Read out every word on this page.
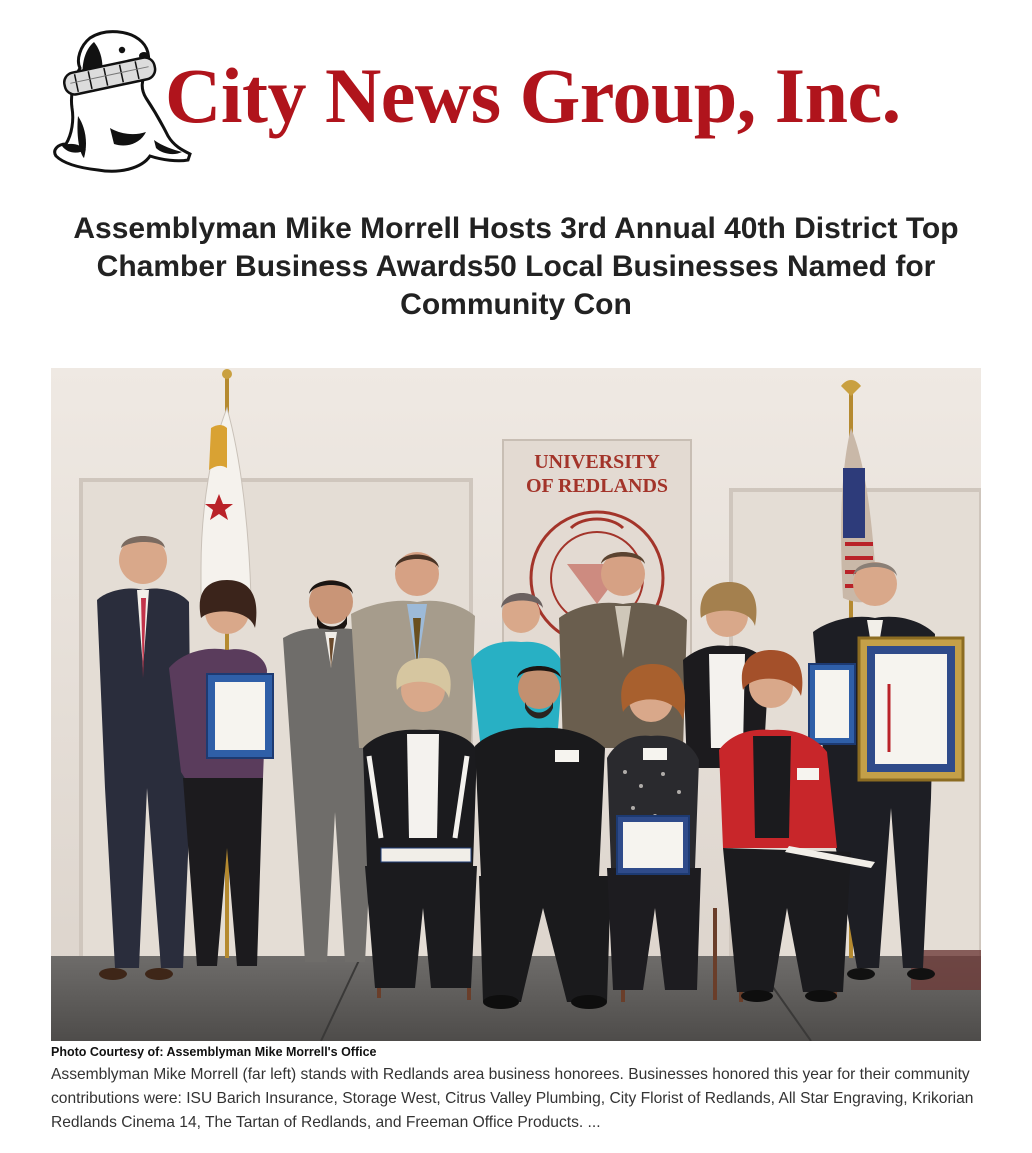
City News Group, Inc.
Assemblyman Mike Morrell Hosts 3rd Annual 40th District Top Chamber Business Awards50 Local Businesses Named for Community Con
UNIVERSITY
OF REDLANDS
Photo Courtesy of: Assemblyman Mike Morrell's Office

Assemblyman Mike Morrell (far left) stands with Redlands area business honorees. Businesses honored this year for their community contributions were: ISU Barich Insurance, Storage West, Citrus Valley Plumbing, City Florist of Redlands, All Star Engraving, Krikorian Redlands Cinema 14, The Tartan of Redlands, and Freeman Office Products. ...
